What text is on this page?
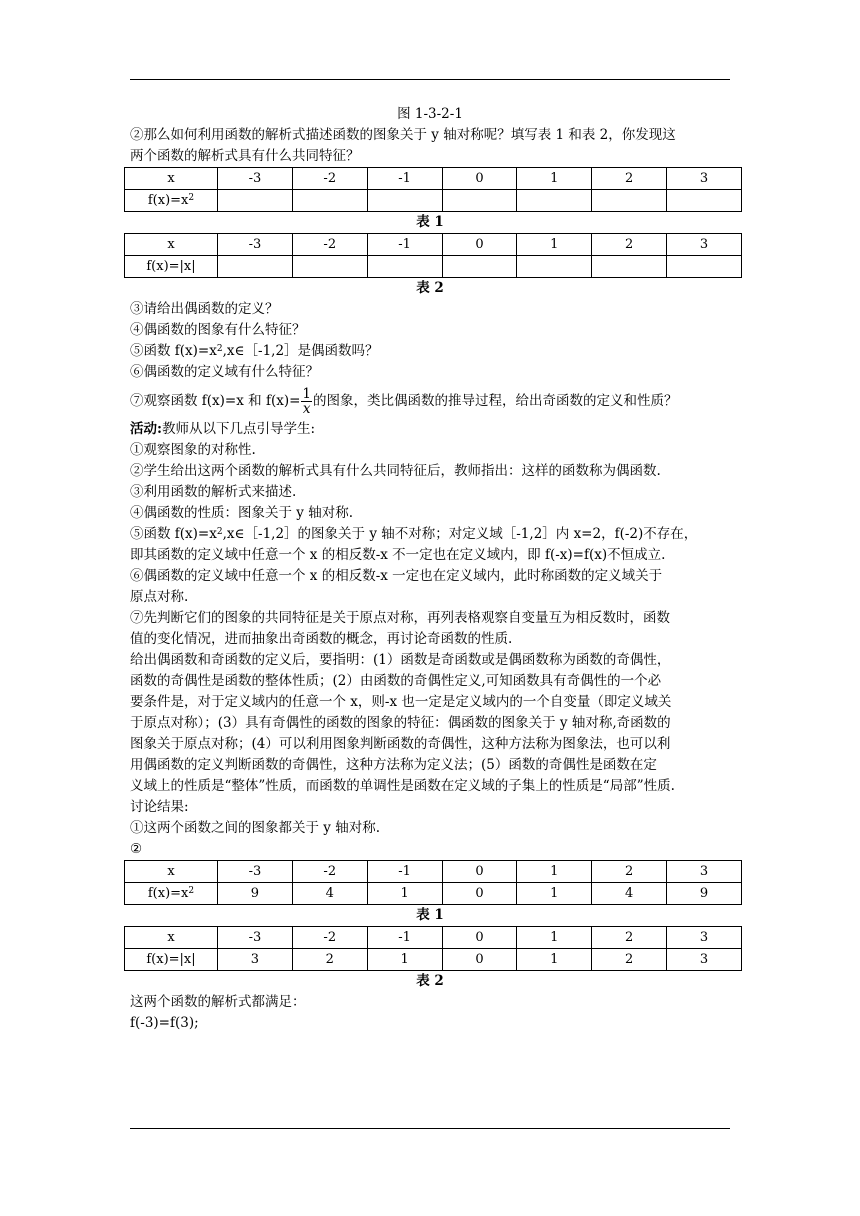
图 1-3-2-1
②那么如何利用函数的解析式描述函数的图象关于 y 轴对称呢？填写表 1 和表 2，你发现这
两个函数的解析式具有什么共同特征？
x	-3	-2	-1	0	1	2	3
$f(x)=x^2$							
表 1
x	-3	-2	-1	0	1	2	3
f(x)=|x|							
表 2
③请给出偶函数的定义？
④偶函数的图象有什么特征？
⑤函数 $f(x)=x^2,x\in[-1,2]$是偶函数吗？
⑥偶函数的定义域有什么特征？
⑦观察函数 f(x)=x 和 $f(x)= \frac{1}{x}$ 的图象，类比偶函数的推导过程，给出奇函数的定义和性质？
活动:教师从以下几点引导学生:
①观察图象的对称性.
②学生给出这两个函数的解析式具有什么共同特征后，教师指出：这样的函数称为偶函数.
③利用函数的解析式来描述.
④偶函数的性质：图象关于 y 轴对称.
⑤函数 $f(x)=x^2,x\in[-1,2]$的图象关于 y 轴不对称；对定义域［-1,2］内 x=2，f(-2)不存在，
即其函数的定义域中任意一个 x 的相反数-x 不一定也在定义域内，即 f(-x)=f(x)不恒成立.
⑥偶函数的定义域中任意一个 x 的相反数-x 一定也在定义域内，此时称函数的定义域关于
原点对称.
⑦先判断它们的图象的共同特征是关于原点对称，再列表格观察自变量互为相反数时，函数
值的变化情况，进而抽象出奇函数的概念，再讨论奇函数的性质.
给出偶函数和奇函数的定义后，要指明：(1）函数是奇函数或是偶函数称为函数的奇偶性，
函数的奇偶性是函数的整体性质；(2）由函数的奇偶性定义,可知函数具有奇偶性的一个必
要条件是，对于定义域内的任意一个 x，则-x 也一定是定义域内的一个自变量（即定义域关
于原点对称）；(3）具有奇偶性的函数的图象的特征：偶函数的图象关于 y 轴对称,奇函数的
图象关于原点对称；(4）可以利用图象判断函数的奇偶性，这种方法称为图象法，也可以利
用偶函数的定义判断函数的奇偶性，这种方法称为定义法；(5）函数的奇偶性是函数在定
义域上的性质是“整体”性质，而函数的单调性是函数在定义域的子集上的性质是“局部”性质.
讨论结果:
①这两个函数之间的图象都关于 y 轴对称.
②
x	-3	-2	-1	0	1	2	3
$f(x)=x^2$	9	4	1	0	1	4	9
表 1
x	-3	-2	-1	0	1	2	3
f(x)=|x|	3	2	1	0	1	2	3
表 2
这两个函数的解析式都满足：
f(-3)=f(3);
